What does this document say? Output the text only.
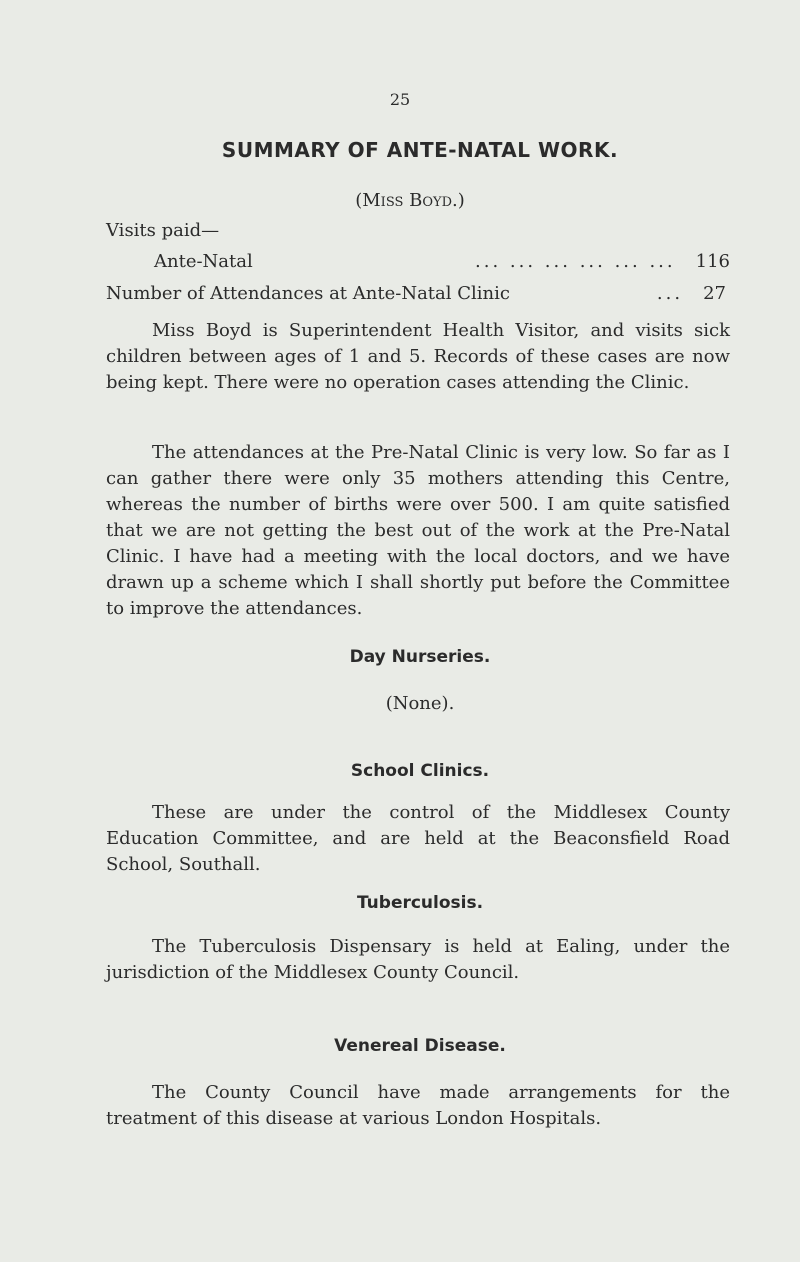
25
SUMMARY OF ANTE-NATAL WORK.
(Miss Boyd.)
Visits paid—
Ante-Natal	... ... ... ... ... ...	116
Number of Attendances at Ante-Natal Clinic	...	27

Miss Boyd is Superintendent Health Visitor, and visits sick children between ages of 1 and 5. Records of these cases are now being kept. There were no operation cases attending the Clinic.

The attendances at the Pre-Natal Clinic is very low. So far as I can gather there were only 35 mothers attending this Centre, whereas the number of births were over 500. I am quite satisfied that we are not getting the best out of the work at the Pre-Natal Clinic. I have had a meeting with the local doctors, and we have drawn up a scheme which I shall shortly put before the Committee to improve the attendances.

Day Nurseries.
(None).
School Clinics.

These are under the control of the Middlesex County Education Committee, and are held at the Beaconsfield Road School, Southall.

Tuberculosis.

The Tuberculosis Dispensary is held at Ealing, under the jurisdiction of the Middlesex County Council.

Venereal Disease.

The County Council have made arrangements for the treatment of this disease at various London Hospitals.
